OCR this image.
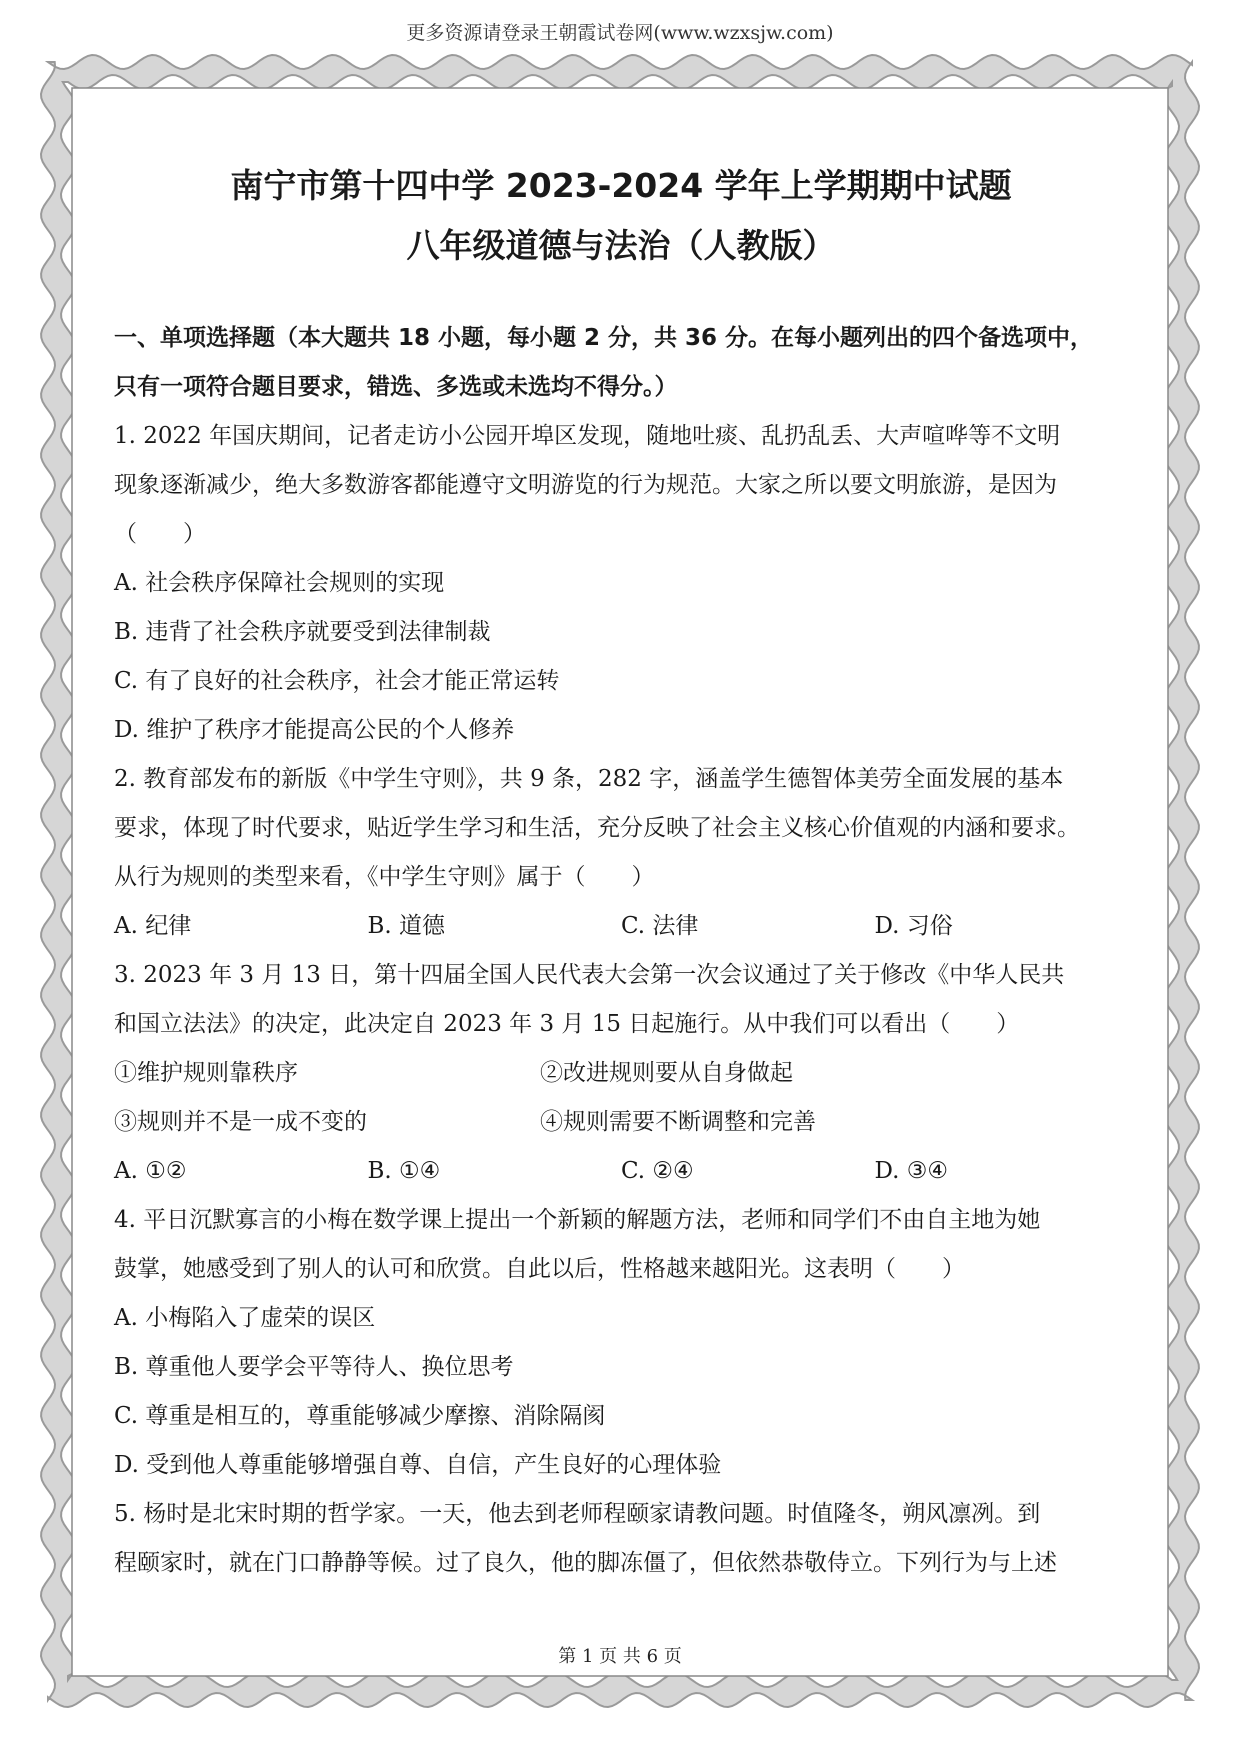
更多资源请登录王朝霞试卷网(www.wzxsjw.com)
南宁市第十四中学 2023-2024 学年上学期期中试题
八年级道德与法治（人教版）
一、单项选择题（本大题共 18 小题，每小题 2 分，共 36 分。在每小题列出的四个备选项中，
只有一项符合题目要求，错选、多选或未选均不得分。）
1. 2022 年国庆期间，记者走访小公园开埠区发现，随地吐痰、乱扔乱丢、大声喧哗等不文明
现象逐渐减少，绝大多数游客都能遵守文明游览的行为规范。大家之所以要文明旅游，是因为
（　　）
A. 社会秩序保障社会规则的实现
B. 违背了社会秩序就要受到法律制裁
C. 有了良好的社会秩序，社会才能正常运转
D. 维护了秩序才能提高公民的个人修养
2. 教育部发布的新版《中学生守则》，共 9 条，282 字，涵盖学生德智体美劳全面发展的基本
要求，体现了时代要求，贴近学生学习和生活，充分反映了社会主义核心价值观的内涵和要求。
从行为规则的类型来看，《中学生守则》属于（　　）
A. 纪律	B. 道德	C. 法律	D. 习俗
3. 2023 年 3 月 13 日，第十四届全国人民代表大会第一次会议通过了关于修改《中华人民共
和国立法法》的决定，此决定自 2023 年 3 月 15 日起施行。从中我们可以看出（　　）
①维护规则靠秩序	②改进规则要从自身做起
③规则并不是一成不变的	④规则需要不断调整和完善
A. ①②	B. ①④	C. ②④	D. ③④
4. 平日沉默寡言的小梅在数学课上提出一个新颖的解题方法，老师和同学们不由自主地为她
鼓掌，她感受到了别人的认可和欣赏。自此以后，性格越来越阳光。这表明（　　）
A. 小梅陷入了虚荣的误区
B. 尊重他人要学会平等待人、换位思考
C. 尊重是相互的，尊重能够减少摩擦、消除隔阂
D. 受到他人尊重能够增强自尊、自信，产生良好的心理体验
5. 杨时是北宋时期的哲学家。一天，他去到老师程颐家请教问题。时值隆冬，朔风凛冽。到
程颐家时，就在门口静静等候。过了良久，他的脚冻僵了，但依然恭敬侍立。下列行为与上述
第 1 页 共 6 页
